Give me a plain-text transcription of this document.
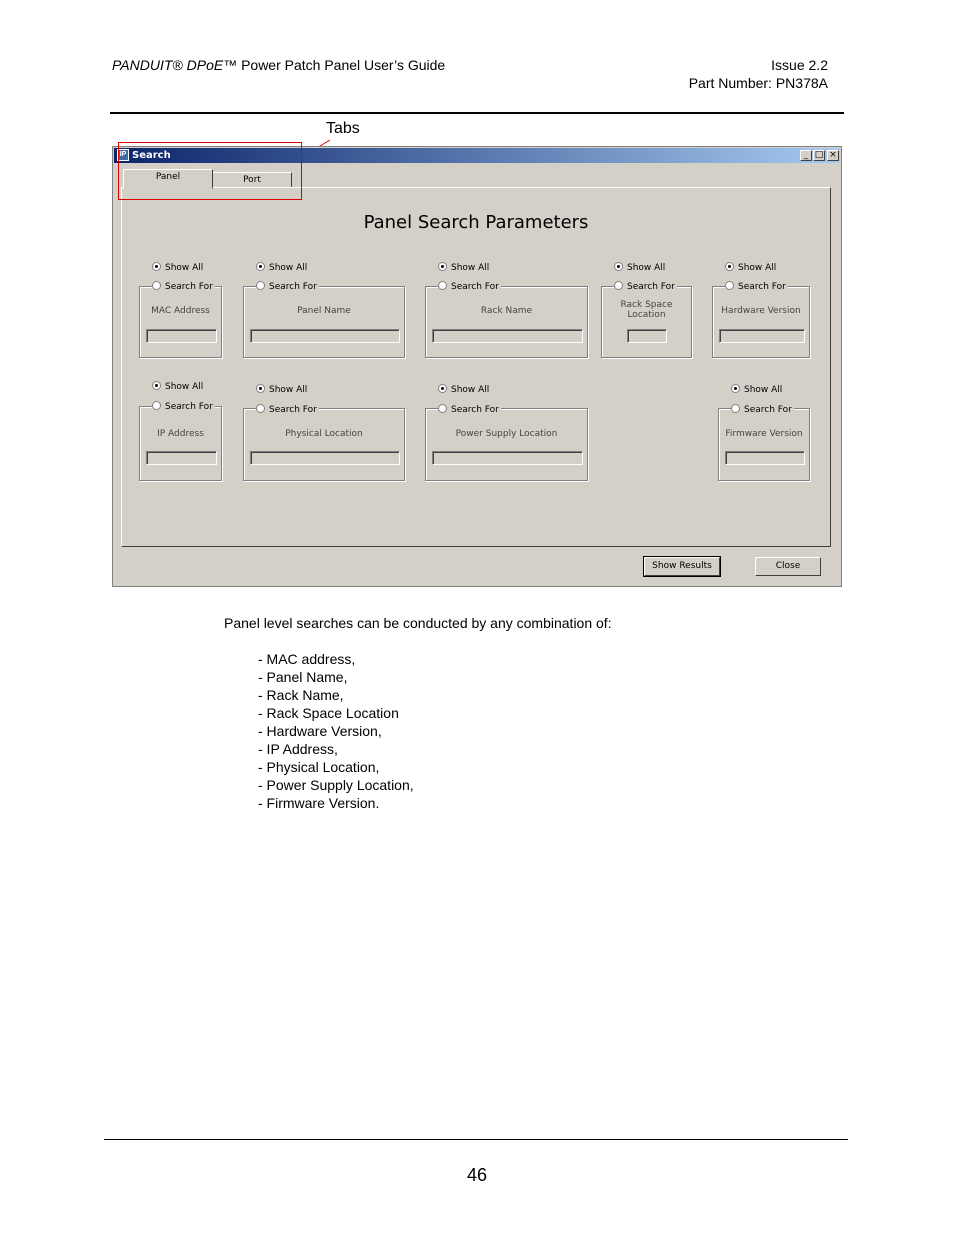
PANDUIT® DPoE™ Power Patch Panel User’s Guide	Issue 2.2
Part Number: PN378A
Tabs
IP Search	_ □ ×
Panel	Port
Panel Search Parameters
Show All
Search For
MAC Address
Show All
Search For
Panel Name
Show All
Search For
Rack Name
Show All
Search For
Rack Space Location
Show All
Search For
Hardware Version
Show All
Search For
IP Address
Show All
Search For
Physical Location
Show All
Search For
Power Supply Location
Show All
Search For
Firmware Version
Show Results	Close
Panel level searches can be conducted by any combination of:
- MAC address,
- Panel Name,
- Rack Name,
- Rack Space Location
- Hardware Version,
- IP Address,
- Physical Location,
- Power Supply Location,
- Firmware Version.
46
